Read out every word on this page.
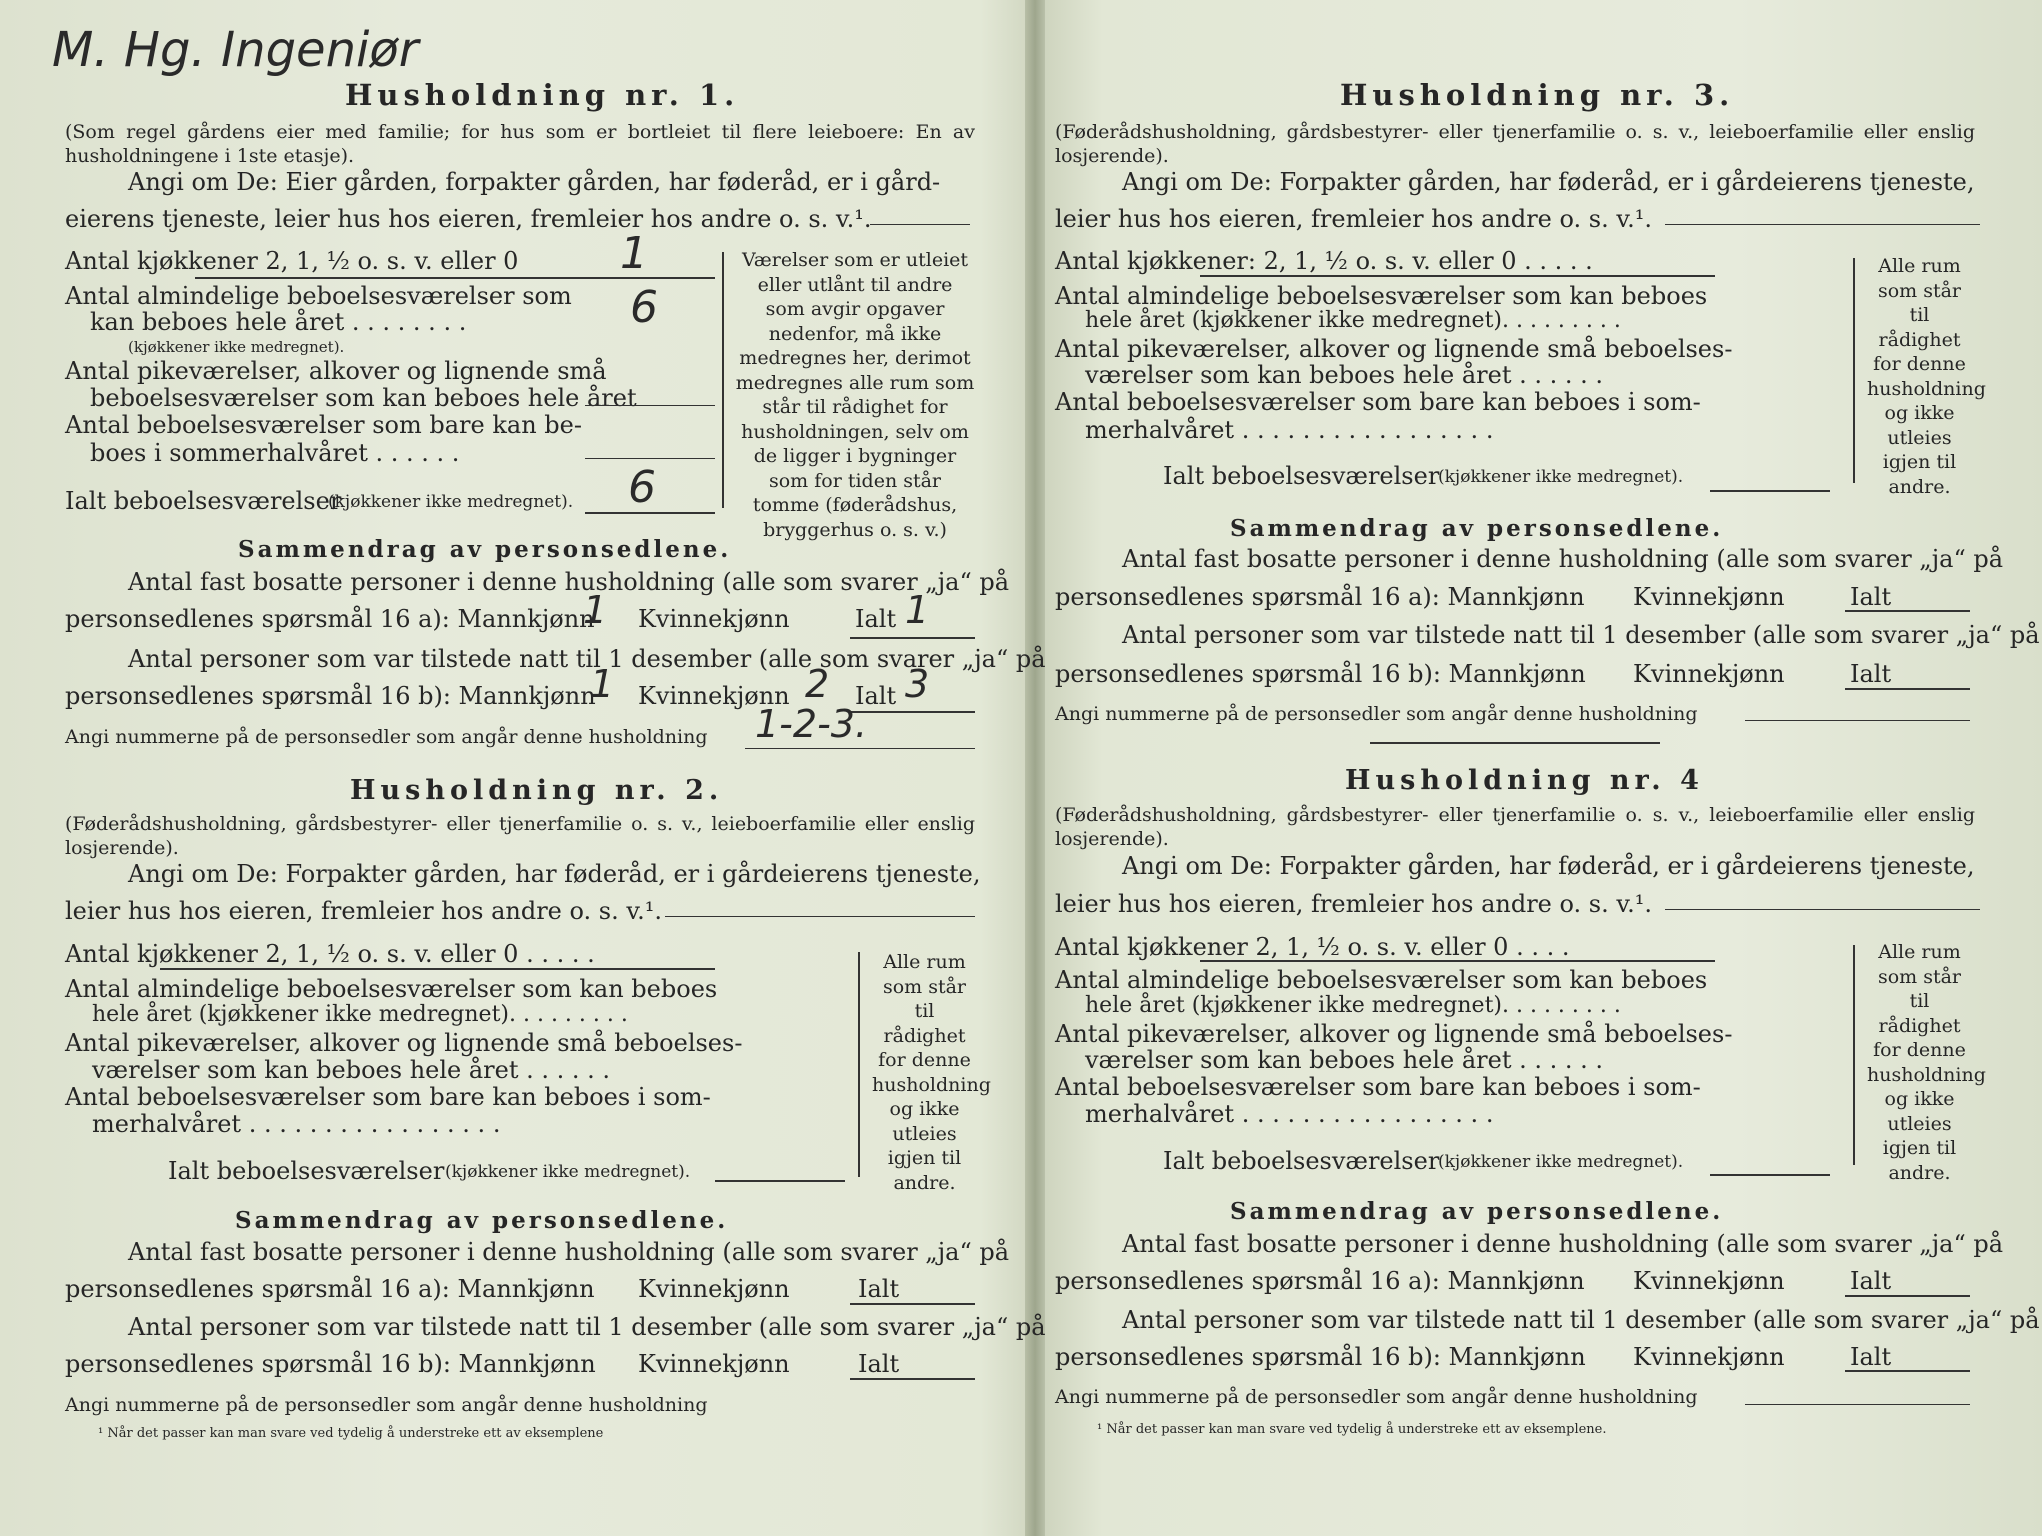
M. Hg. Ingeniør
Husholdning nr. 1.
(Som regel gårdens eier med familie; for hus som er bortleiet til flere leieboere: En av husholdningene i 1ste etasje).
Angi om De: Eier gården, forpakter gården, har føderåd, er i gård-
eierens tjeneste, leier hus hos eieren, fremleier hos andre o. s. v.¹.
Antal kjøkkener 2, 1, ½ o. s. v. eller 0 1
Antal almindelige beboelsesværelser som
kan beboes hele året . . . . . . . .	6
(kjøkkener ikke medregnet).
Antal pikeværelser, alkover og lignende små
beboelsesværelser som kan beboes hele året
Antal beboelsesværelser som bare kan be-
boes i sommerhalvåret . . . . . .
Ialt beboelsesværelser
(kjøkkener ikke medregnet). 6
Værelser som er utleiet eller utlånt til andre som avgir opgaver nedenfor, må ikke medregnes her, derimot medregnes alle rum som står til rådighet for husholdningen, selv om de ligger i bygninger som for tiden står tomme (føderådshus, bryggerhus o. s. v.)
Sammendrag av personsedlene.
Antal fast bosatte personer i denne husholdning (alle som svarer „ja“ på
personsedlenes spørsmål 16 a): Mannkjønn
1 Kvinnekjønn	Ialt 1
Antal personer som var tilstede natt til 1 desember (alle som svarer „ja“ på
personsedlenes spørsmål 16 b): Mannkjønn
1 Kvinnekjønn 2 Ialt 3
Angi nummerne på de personsedler som angår denne husholdning 1-2-3.
Husholdning nr. 2.
(Føderådshusholdning, gårdsbestyrer- eller tjenerfamilie o. s. v., leieboerfamilie eller enslig losjerende).
Angi om De: Forpakter gården, har føderåd, er i gårdeierens tjeneste,
leier hus hos eieren, fremleier hos andre o. s. v.¹.
Antal kjøkkener 2, 1, ½ o. s. v. eller 0 . . . . .
Antal almindelige beboelsesværelser som kan beboes
hele året (kjøkkener ikke medregnet). . . . . . . . .
Antal pikeværelser, alkover og lignende små beboelses-
værelser som kan beboes hele året . . . . . .
Antal beboelsesværelser som bare kan beboes i som-
merhalvåret . . . . . . . . . . . . . . . . .
Ialt beboelsesværelser (kjøkkener ikke medregnet).
Alle rum som står til rådighet for denne husholdning og ikke utleies igjen til andre.
Sammendrag av personsedlene.
Antal fast bosatte personer i denne husholdning (alle som svarer „ja“ på
personsedlenes spørsmål 16 a): Mannkjønn Kvinnekjønn	Ialt
Antal personer som var tilstede natt til 1 desember (alle som svarer „ja“ på
personsedlenes spørsmål 16 b): Mannkjønn Kvinnekjønn	Ialt
Angi nummerne på de personsedler som angår denne husholdning
¹ Når det passer kan man svare ved tydelig å understreke ett av eksemplene
Husholdning nr. 3.
(Føderådshusholdning, gårdsbestyrer- eller tjenerfamilie o. s. v., leieboerfamilie eller enslig losjerende).
Angi om De: Forpakter gården, har føderåd, er i gårdeierens tjeneste,
leier hus hos eieren, fremleier hos andre o. s. v.¹.
Antal kjøkkener: 2, 1, ½ o. s. v. eller 0 . . . . .
Antal almindelige beboelsesværelser som kan beboes
hele året (kjøkkener ikke medregnet). . . . . . . . .
Antal pikeværelser, alkover og lignende små beboelses-
værelser som kan beboes hele året . . . . . .
Antal beboelsesværelser som bare kan beboes i som-
merhalvåret . . . . . . . . . . . . . . . . .
Ialt beboelsesværelser
(kjøkkener ikke medregnet).
Alle rum som står til rådighet for denne husholdning og ikke utleies igjen til andre.
Sammendrag av personsedlene.
Antal fast bosatte personer i denne husholdning (alle som svarer „ja“ på
personsedlenes spørsmål 16 a): Mannkjønn Kvinnekjønn	Ialt
Antal personer som var tilstede natt til 1 desember (alle som svarer „ja“ på
personsedlenes spørsmål 16 b): Mannkjønn Kvinnekjønn	Ialt
Angi nummerne på de personsedler som angår denne husholdning
Husholdning nr. 4
(Føderådshusholdning, gårdsbestyrer- eller tjenerfamilie o. s. v., leieboerfamilie eller enslig losjerende).
Angi om De: Forpakter gården, har føderåd, er i gårdeierens tjeneste,
leier hus hos eieren, fremleier hos andre o. s. v.¹.
Antal kjøkkener 2, 1, ½ o. s. v. eller 0 . . . .
Antal almindelige beboelsesværelser som kan beboes
hele året (kjøkkener ikke medregnet). . . . . . . . .
Antal pikeværelser, alkover og lignende små beboelses-
værelser som kan beboes hele året . . . . . .
Antal beboelsesværelser som bare kan beboes i som-
merhalvåret . . . . . . . . . . . . . . . . .
Ialt beboelsesværelser
(kjøkkener ikke medregnet).
Alle rum som står til rådighet for denne husholdning og ikke utleies igjen til andre.
Sammendrag av personsedlene.
Antal fast bosatte personer i denne husholdning (alle som svarer „ja“ på
personsedlenes spørsmål 16 a): Mannkjønn Kvinnekjønn	Ialt
Antal personer som var tilstede natt til 1 desember (alle som svarer „ja“ på
personsedlenes spørsmål 16 b): Mannkjønn Kvinnekjønn	Ialt
Angi nummerne på de personsedler som angår denne husholdning
¹ Når det passer kan man svare ved tydelig å understreke ett av eksemplene.
